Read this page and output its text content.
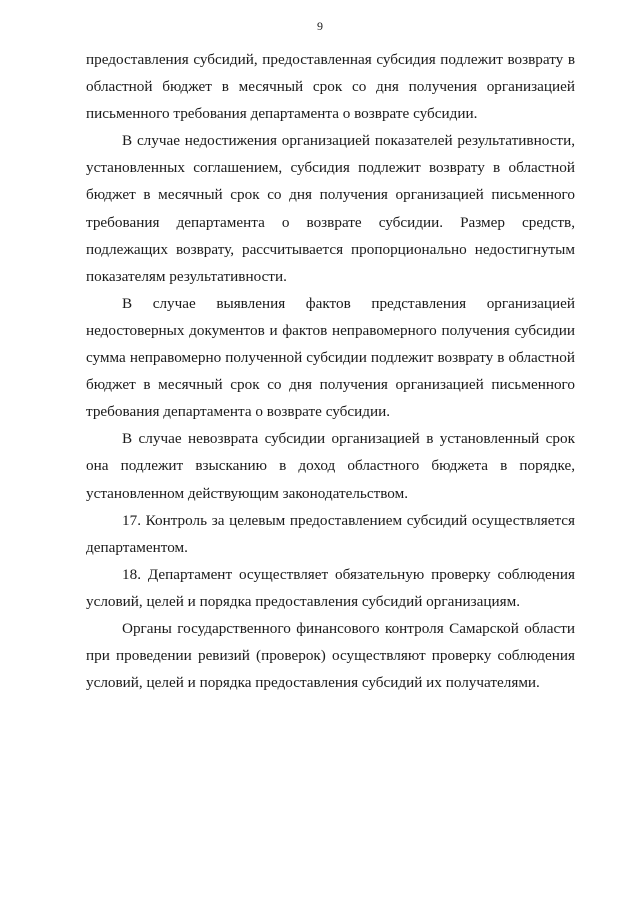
9

предоставления субсидий, предоставленная субсидия подлежит возврату в областной бюджет в месячный срок со дня получения организацией письменного требования департамента о возврате субсидии.

В случае недостижения организацией показателей результативности, установленных соглашением, субсидия подлежит возврату в областной бюджет в месячный срок со дня получения организацией письменного требования департамента о возврате субсидии. Размер средств, подлежащих возврату, рассчитывается пропорционально недостигнутым показателям результативности.

В случае выявления фактов представления организацией недостоверных документов и фактов неправомерного получения субсидии сумма неправомерно полученной субсидии подлежит возврату в областной бюджет в месячный срок со дня получения организацией письменного требования департамента о возврате субсидии.

В случае невозврата субсидии организацией в установленный срок она подлежит взысканию в доход областного бюджета в порядке, установленном действующим законодательством.

17. Контроль за целевым предоставлением субсидий осуществляется департаментом.

18. Департамент осуществляет обязательную проверку соблюдения условий, целей и порядка предоставления субсидий организациям.

Органы государственного финансового контроля Самарской области при проведении ревизий (проверок) осуществляют проверку соблюдения условий, целей и порядка предоставления субсидий их получателями.
